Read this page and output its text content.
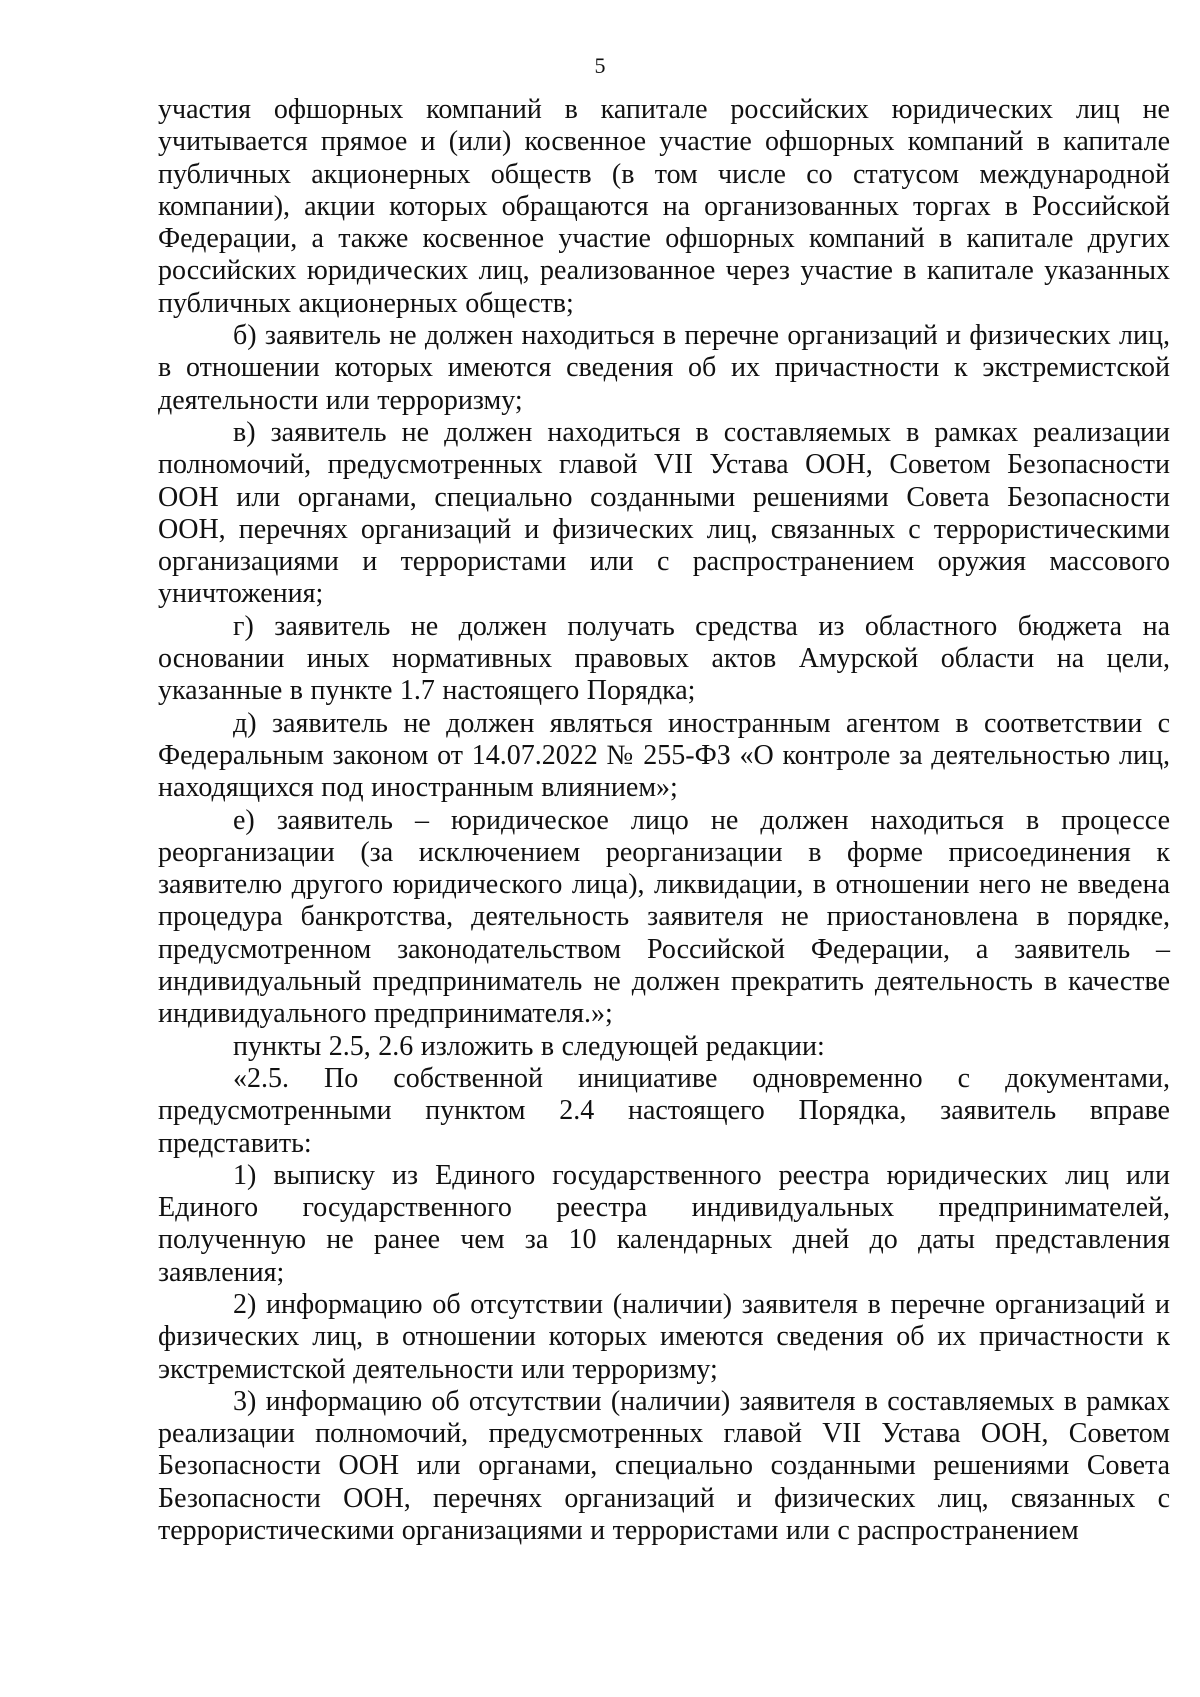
5

участия офшорных компаний в капитале российских юридических лиц не учитывается прямое и (или) косвенное участие офшорных компаний в капитале публичных акционерных обществ (в том числе со статусом международной компании), акции которых обращаются на организованных торгах в Российской Федерации, а также косвенное участие офшорных компаний в капитале других российских юридических лиц, реализованное через участие в капитале указанных публичных акционерных обществ;

б) заявитель не должен находиться в перечне организаций и физических лиц, в отношении которых имеются сведения об их причастности к экстремистской деятельности или терроризму;

в) заявитель не должен находиться в составляемых в рамках реализации полномочий, предусмотренных главой VII Устава ООН, Советом Безопасности ООН или органами, специально созданными решениями Совета Безопасности ООН, перечнях организаций и физических лиц, связанных с террористическими организациями и террористами или с распространением оружия массового уничтожения;

г) заявитель не должен получать средства из областного бюджета на основании иных нормативных правовых актов Амурской области на цели, указанные в пункте 1.7 настоящего Порядка;

д) заявитель не должен являться иностранным агентом в соответствии с Федеральным законом от 14.07.2022 № 255-ФЗ «О контроле за деятельностью лиц, находящихся под иностранным влиянием»;

е) заявитель – юридическое лицо не должен находиться в процессе реорганизации (за исключением реорганизации в форме присоединения к заявителю другого юридического лица), ликвидации, в отношении него не введена процедура банкротства, деятельность заявителя не приостановлена в порядке, предусмотренном законодательством Российской Федерации, а заявитель – индивидуальный предприниматель не должен прекратить деятельность в качестве индивидуального предпринимателя.»;

пункты 2.5, 2.6 изложить в следующей редакции:

«2.5. По собственной инициативе одновременно с документами, предусмотренными пунктом 2.4 настоящего Порядка, заявитель вправе представить:

1) выписку из Единого государственного реестра юридических лиц или Единого государственного реестра индивидуальных предпринимателей, полученную не ранее чем за 10 календарных дней до даты представления заявления;

2) информацию об отсутствии (наличии) заявителя в перечне организаций и физических лиц, в отношении которых имеются сведения об их причастности к экстремистской деятельности или терроризму;

3) информацию об отсутствии (наличии) заявителя в составляемых в рамках реализации полномочий, предусмотренных главой VII Устава ООН, Советом Безопасности ООН или органами, специально созданными решениями Совета Безопасности ООН, перечнях организаций и физических лиц, связанных с террористическими организациями и террористами или с распространением
